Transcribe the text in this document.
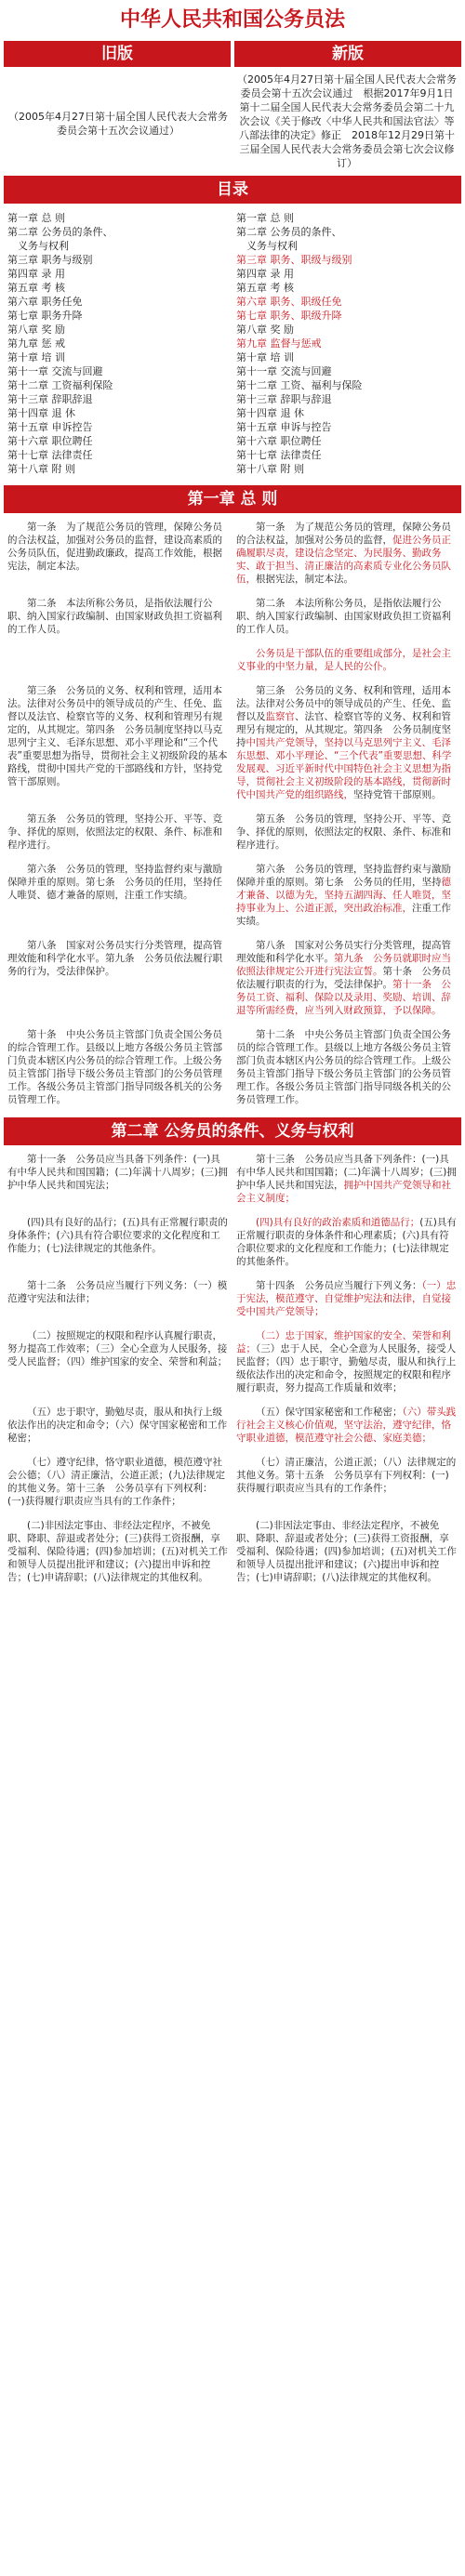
中华人民共和国公务员法
旧版	新版
（2005年4月27日第十届全国人民代表大会常务委员会第十五次会议通过）
（2005年4月27日第十届全国人民代表大会常务委员会第十五次会议通过　根据2017年9月1日第十二届全国人民代表大会常务委员会第二十九次会议《关于修改〈中华人民共和国法官法〉等八部法律的决定》修正　2018年12月29日第十三届全国人民代表大会常务委员会第七次会议修订）
目录
第一章 总 则
第二章 公务员的条件、
　义务与权利
第三章 职务与级别
第四章 录 用
第五章 考 核
第六章 职务任免
第七章 职务升降
第八章 奖 励
第九章 惩 戒
第十章 培 训
第十一章 交流与回避
第十二章 工资福利保险
第十三章 辞职辞退
第十四章 退 休
第十五章 申诉控告
第十六章 职位聘任
第十七章 法律责任
第十八章 附 则
第一章 总 则
第二章 公务员的条件、
　义务与权利
第三章 职务、职级与级别
第四章 录 用
第五章 考 核
第六章 职务、职级任免
第七章 职务、职级升降
第八章 奖 励
第九章 监督与惩戒
第十章 培 训
第十一章 交流与回避
第十二章 工资、福利与保险
第十三章 辞职与辞退
第十四章 退 休
第十五章 申诉与控告
第十六章 职位聘任
第十七章 法律责任
第十八章 附 则
第一章 总 则
第一条　为了规范公务员的管理，保障公务员的合法权益，加强对公务员的监督，建设高素质的公务员队伍，促进勤政廉政，提高工作效能，根据宪法，制定本法。
第一条　为了规范公务员的管理，保障公务员的合法权益，加强对公务员的监督，促进公务员正确履职尽责，建设信念坚定、为民服务、勤政务实、敢于担当、清正廉洁的高素质专业化公务员队伍，根据宪法，制定本法。
第二条　本法所称公务员，是指依法履行公职、纳入国家行政编制、由国家财政负担工资福利的工作人员。
第二条　本法所称公务员，是指依法履行公职、纳入国家行政编制、由国家财政负担工资福利的工作人员。
公务员是干部队伍的重要组成部分，是社会主义事业的中坚力量，是人民的公仆。
第三条　公务员的义务、权利和管理，适用本法。法律对公务员中的领导成员的产生、任免、监督以及法官、检察官等的义务、权利和管理另有规定的，从其规定。第四条　公务员制度坚持以马克思列宁主义、毛泽东思想、邓小平理论和“三个代表”重要思想为指导，贯彻社会主义初级阶段的基本路线，贯彻中国共产党的干部路线和方针，坚持党管干部原则。
第三条　公务员的义务、权利和管理，适用本法。法律对公务员中的领导成员的产生、任免、监督以及监察官、法官、检察官等的义务、权利和管理另有规定的，从其规定。第四条　公务员制度坚持中国共产党领导，坚持以马克思列宁主义、毛泽东思想、邓小平理论、“三个代表”重要思想、科学发展观、习近平新时代中国特色社会主义思想为指导，贯彻社会主义初级阶段的基本路线，贯彻新时代中国共产党的组织路线，坚持党管干部原则。
第五条　公务员的管理，坚持公开、平等、竞争、择优的原则，依照法定的权限、条件、标准和程序进行。
第五条　公务员的管理，坚持公开、平等、竞争、择优的原则，依照法定的权限、条件、标准和程序进行。
第六条　公务员的管理，坚持监督约束与激励保障并重的原则。第七条　公务员的任用，坚持任人唯贤、德才兼备的原则，注重工作实绩。
第六条　公务员的管理，坚持监督约束与激励保障并重的原则。第七条　公务员的任用，坚持德才兼备、以德为先，坚持五湖四海、任人唯贤，坚持事业为上、公道正派，突出政治标准，注重工作实绩。
第八条　国家对公务员实行分类管理，提高管理效能和科学化水平。第九条　公务员依法履行职务的行为，受法律保护。
第八条　国家对公务员实行分类管理，提高管理效能和科学化水平。第九条　公务员就职时应当依照法律规定公开进行宪法宣誓。第十条　公务员依法履行职责的行为，受法律保护。第十一条　公务员工资、福利、保险以及录用、奖励、培训、辞退等所需经费，应当列入财政预算，予以保障。
第十条　中央公务员主管部门负责全国公务员的综合管理工作。县级以上地方各级公务员主管部门负责本辖区内公务员的综合管理工作。上级公务员主管部门指导下级公务员主管部门的公务员管理工作。各级公务员主管部门指导同级各机关的公务员管理工作。
第十二条　中央公务员主管部门负责全国公务员的综合管理工作。县级以上地方各级公务员主管部门负责本辖区内公务员的综合管理工作。上级公务员主管部门指导下级公务员主管部门的公务员管理工作。各级公务员主管部门指导同级各机关的公务员管理工作。
第二章 公务员的条件、义务与权利
第十一条　公务员应当具备下列条件：(一)具有中华人民共和国国籍；(二)年满十八周岁；(三)拥护中华人民共和国宪法；
第十三条　公务员应当具备下列条件：(一)具有中华人民共和国国籍；(二)年满十八周岁；(三)拥护中华人民共和国宪法，拥护中国共产党领导和社会主义制度；
(四)具有良好的品行；(五)具有正常履行职责的身体条件；(六)具有符合职位要求的文化程度和工作能力；(七)法律规定的其他条件。
(四)具有良好的政治素质和道德品行；(五)具有正常履行职责的身体条件和心理素质；(六)具有符合职位要求的文化程度和工作能力；(七)法律规定的其他条件。
第十二条　公务员应当履行下列义务：（一）模范遵守宪法和法律；
第十四条　公务员应当履行下列义务：（一）忠于宪法，模范遵守、自觉维护宪法和法律，自觉接受中国共产党领导；
（二）按照规定的权限和程序认真履行职责，努力提高工作效率；（三）全心全意为人民服务，接受人民监督；（四）维护国家的安全、荣誉和利益；
（二）忠于国家，维护国家的安全、荣誉和利益；（三）忠于人民，全心全意为人民服务，接受人民监督；（四）忠于职守，勤勉尽责，服从和执行上级依法作出的决定和命令，按照规定的权限和程序履行职责，努力提高工作质量和效率；
（五）忠于职守，勤勉尽责，服从和执行上级依法作出的决定和命令；（六）保守国家秘密和工作秘密；
（五）保守国家秘密和工作秘密；（六）带头践行社会主义核心价值观，坚守法治，遵守纪律，恪守职业道德，模范遵守社会公德、家庭美德；
（七）遵守纪律，恪守职业道德，模范遵守社会公德；（八）清正廉洁，公道正派；(九)法律规定的其他义务。第十三条　公务员享有下列权利：(一)获得履行职责应当具有的工作条件；
（七）清正廉洁，公道正派；（八）法律规定的其他义务。第十五条　公务员享有下列权利：(一)获得履行职责应当具有的工作条件；
(二)非因法定事由、非经法定程序，不被免职、降职、辞退或者处分；(三)获得工资报酬，享受福利、保险待遇；(四)参加培训；(五)对机关工作和领导人员提出批评和建议；(六)提出申诉和控告；(七)申请辞职；(八)法律规定的其他权利。
(二)非因法定事由、非经法定程序，不被免职、降职、辞退或者处分；(三)获得工资报酬，享受福利、保险待遇；(四)参加培训；(五)对机关工作和领导人员提出批评和建议；(六)提出申诉和控告；(七)申请辞职；(八)法律规定的其他权利。
